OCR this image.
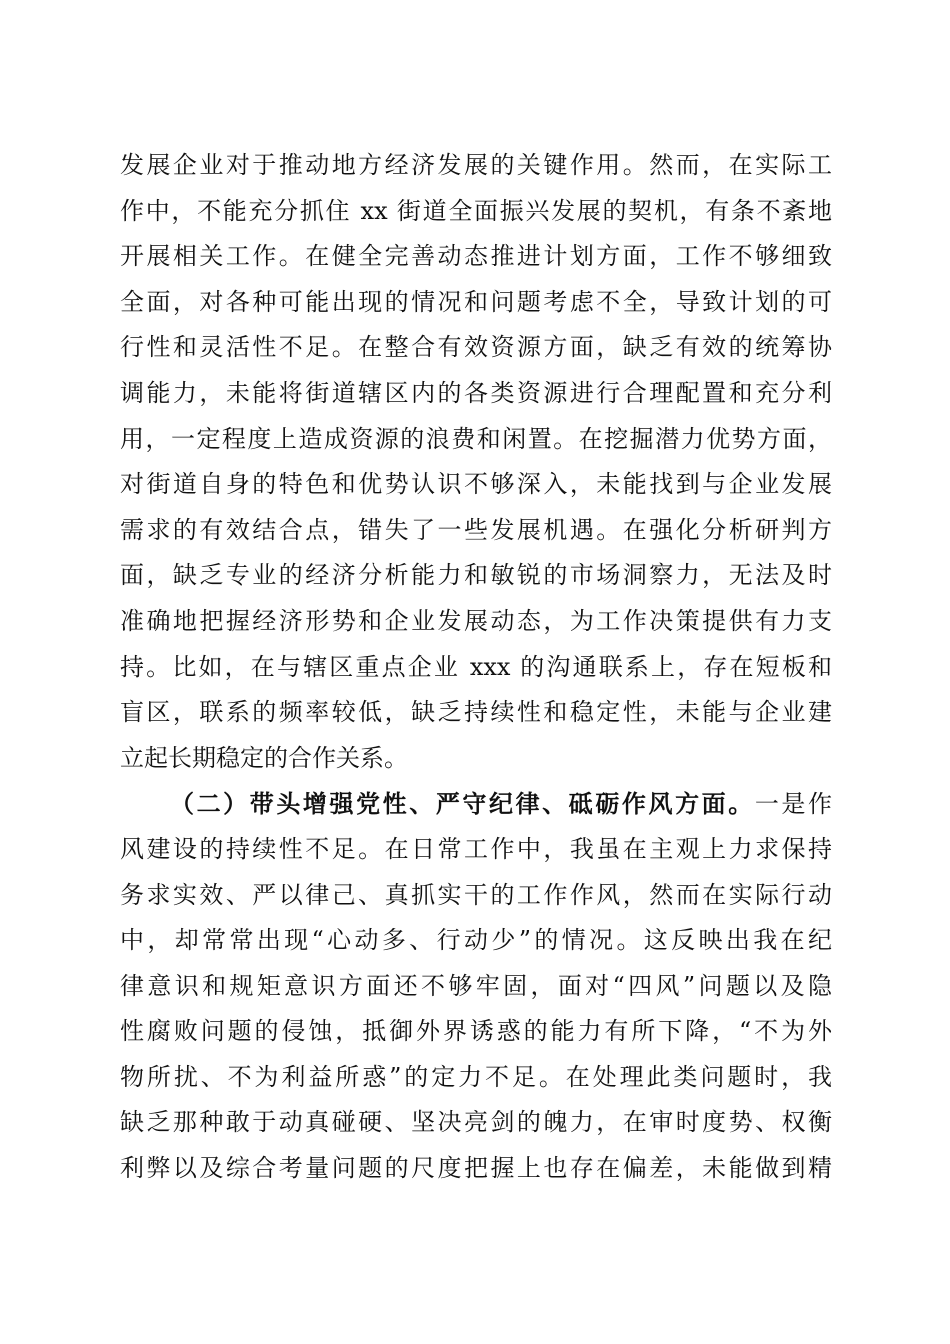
发展企业对于推动地方经济发展的关键作用。然而，在实际工
作中，不能充分抓住 xx 街道全面振兴发展的契机，有条不紊地
开展相关工作。在健全完善动态推进计划方面，工作不够细致
全面，对各种可能出现的情况和问题考虑不全，导致计划的可
行性和灵活性不足。在整合有效资源方面，缺乏有效的统筹协
调能力，未能将街道辖区内的各类资源进行合理配置和充分利
用，一定程度上造成资源的浪费和闲置。在挖掘潜力优势方面，
对街道自身的特色和优势认识不够深入，未能找到与企业发展
需求的有效结合点，错失了一些发展机遇。在强化分析研判方
面，缺乏专业的经济分析能力和敏锐的市场洞察力，无法及时
准确地把握经济形势和企业发展动态，为工作决策提供有力支
持。比如，在与辖区重点企业 xxx 的沟通联系上，存在短板和
盲区，联系的频率较低，缺乏持续性和稳定性，未能与企业建
立起长期稳定的合作关系。
（二）带头增强党性、严守纪律、砥砺作风方面。一是作
风建设的持续性不足。在日常工作中，我虽在主观上力求保持
务求实效、严以律己、真抓实干的工作作风，然而在实际行动
中，却常常出现“心动多、行动少”的情况。这反映出我在纪
律意识和规矩意识方面还不够牢固，面对“四风”问题以及隐
性腐败问题的侵蚀，抵御外界诱惑的能力有所下降，“不为外
物所扰、不为利益所惑”的定力不足。在处理此类问题时，我
缺乏那种敢于动真碰硬、坚决亮剑的魄力，在审时度势、权衡
利弊以及综合考量问题的尺度把握上也存在偏差，未能做到精
